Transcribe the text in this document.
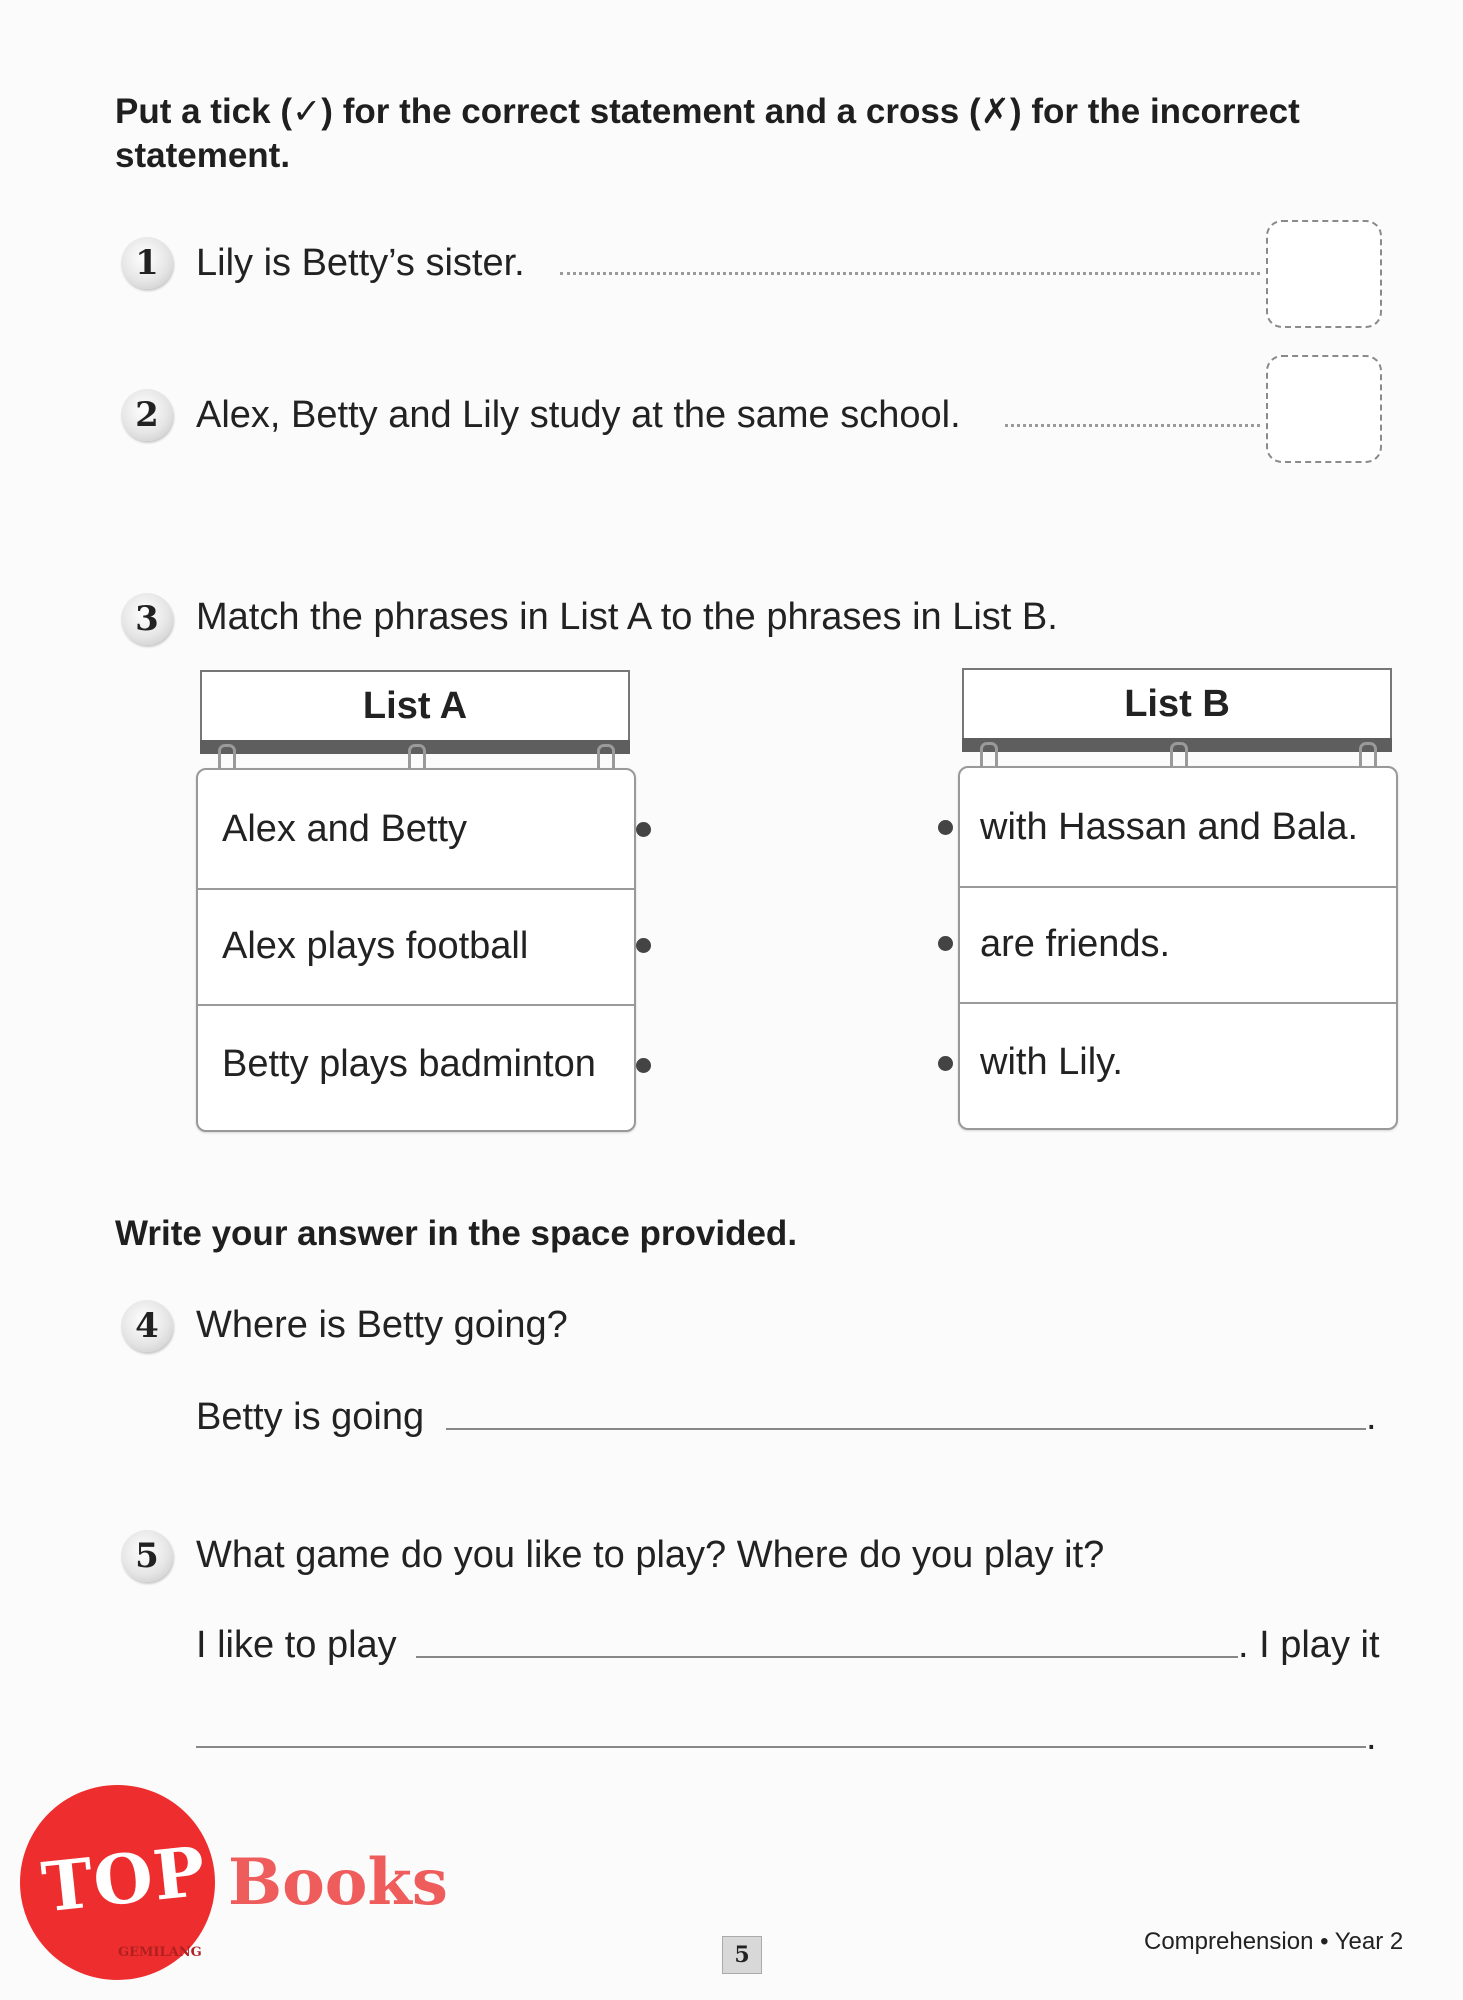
Put a tick (✓) for the correct statement and a cross (✗) for the incorrect statement.
1 Lily is Betty’s sister.
2 Alex, Betty and Lily study at the same school.
3 Match the phrases in List A to the phrases in List B.
List A
Alex and Betty
Alex plays football
Betty plays badminton
List B
with Hassan and Bala.
are friends.
with Lily.
Write your answer in the space provided.
4 Where is Betty going?
Betty is going	.
5 What game do you like to play? Where do you play it?
I like to play	. I play it
.
TOP Books
GEMILANG	5	Comprehension • Year 2
